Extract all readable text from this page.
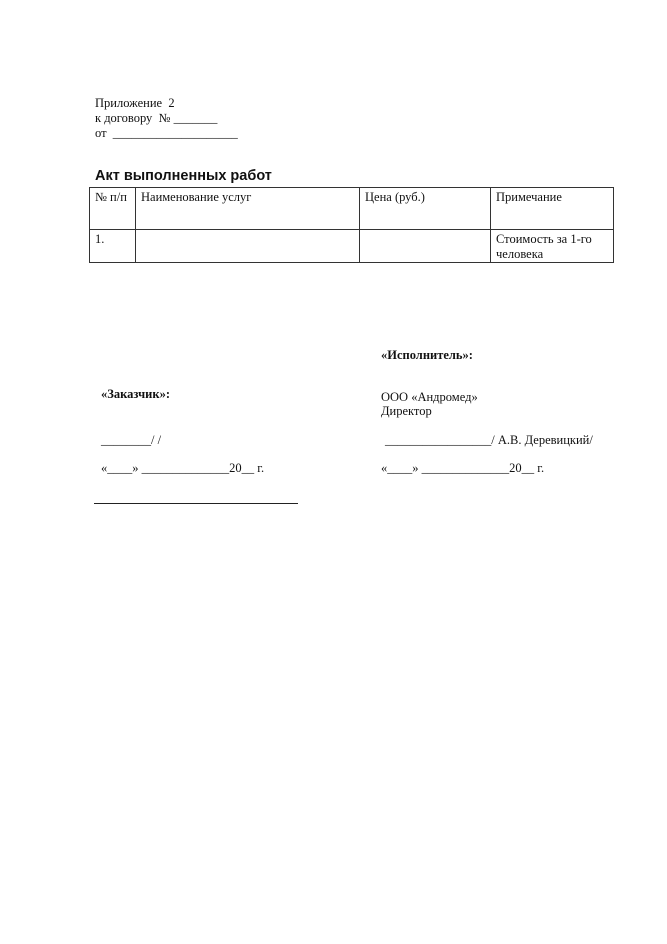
Приложение  2
к договору  № _______
от  ____________________
Акт выполненных работ
№ п/п	Наименование услуг	Цена (руб.)	Примечание
1.			Стоимость за 1-го человека
«Исполнитель»:
ООО «Андромед»
Директор
_________________/ А.В. Деревицкий/
«____» ______________20__ г.
«Заказчик»:
________/ /
«____» ______________20__ г.
